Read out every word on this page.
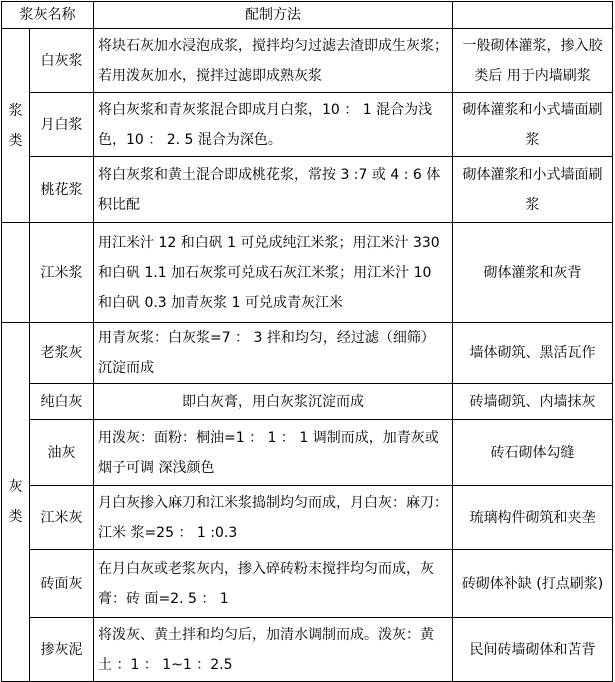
浆灰名称		配制方法	

浆
类	白灰浆	将块石灰加水浸泡成浆，搅拌均匀过滤去渣即成生灰浆； 若用泼灰加水，搅拌过滤即成熟灰浆	一般砌体灌浆，掺入胶类后 用于内墙刷浆
	月白浆	将白灰浆和青灰浆混合即成月白浆，10 ： 1 混合为浅色，10 ： 2. 5 混合为深色。	砌体灌浆和小式墙面刷浆
	桃花浆	将白灰浆和黄土混合即成桃花浆，常按 3 :7 或 4 : 6 体积比配	砌体灌浆和小式墙面刷浆
	江米浆	用江米汁 12 和白矾 1 可兑成纯江米浆；用江米汁 330 和白矾 1.1 加石灰浆可兑成石灰江米浆；用江米汁 10 和白矾 0.3 加青灰浆 1 可兑成青灰江米	砌体灌浆和灰背

灰
类	老浆灰	用青灰浆：白灰浆=7 ： 3 拌和均匀，经过滤（细筛）沉淀而成	墙体砌筑、黑活瓦作
	纯白灰	即白灰膏，用白灰浆沉淀而成	砖墙砌筑、内墙抹灰
	油灰	用泼灰：面粉：桐油=1 ： 1 ： 1 调制而成，加青灰或烟子可调 深浅颜色	砖石砌体勾缝
	江米灰	月白灰掺入麻刀和江米浆捣制均匀而成，月白灰：麻刀：江米 浆=25 ： 1 :0.3	琉璃构件砌筑和夹垄
	砖面灰	在月白灰或老浆灰内，掺入碎砖粉末搅拌均匀而成，灰膏：砖 面=2. 5 ： 1	砖砌体补缺 (打点刷浆)
	掺灰泥	将泼灰、黄土拌和均匀后，加清水调制而成。泼灰：黄 土 ：1 ： 1~1 ：2.5	民间砖墙砌体和苫背
